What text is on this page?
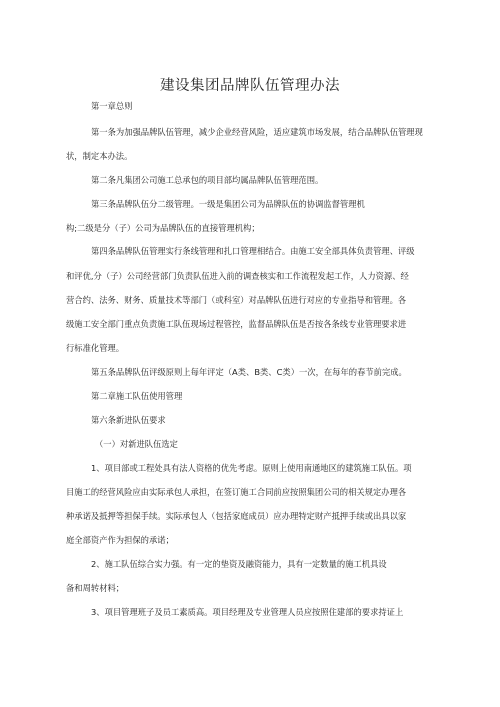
建设集团品牌队伍管理办法
第一章总则
第一条为加强品牌队伍管理，减少企业经营风险，适应建筑市场发展，结合品牌队伍管理现
状，制定本办法。
第二条凡集团公司施工总承包的项目部均属品牌队伍管理范围。
第三条品牌队伍分二级管理。一级是集团公司为品牌队伍的协调监督管理机
构;二级是分（子）公司为品牌队伍的直接管理机构；
第四条品牌队伍管理实行条线管理和扎口管理相结合。由施工安全部具体负责管理、评级
和评优,分（子）公司经营部门负责队伍进入前的调查核实和工作流程发起工作，人力资源、经
营合约、法务、财务、质量技术等部门（或科室）对品牌队伍进行对应的专业指导和管理。各
级施工安全部门重点负责施工队伍现场过程管控，监督品牌队伍是否按各条线专业管理要求进
行标准化管理。
第五条品牌队伍评级原则上每年评定（A类、B类、C类）一次，在每年的春节前完成。
第二章施工队伍使用管理
第六条新进队伍要求
（一）对新进队伍选定
1、项目部或工程处具有法人资格的优先考虑。原则上使用南通地区的建筑施工队伍。项
目施工的经营风险应由实际承包人承担，在签订施工合同前应按照集团公司的相关规定办理各
种承诺及抵押等担保手续。实际承包人（包括家庭成员）应办理特定财产抵押手续或出具以家
庭全部资产作为担保的承诺；
2、施工队伍综合实力强。有一定的垫资及融资能力，具有一定数量的施工机具设
备和周转材料；
3、项目管理班子及员工素质高。项目经理及专业管理人员应按照住建部的要求持证上
